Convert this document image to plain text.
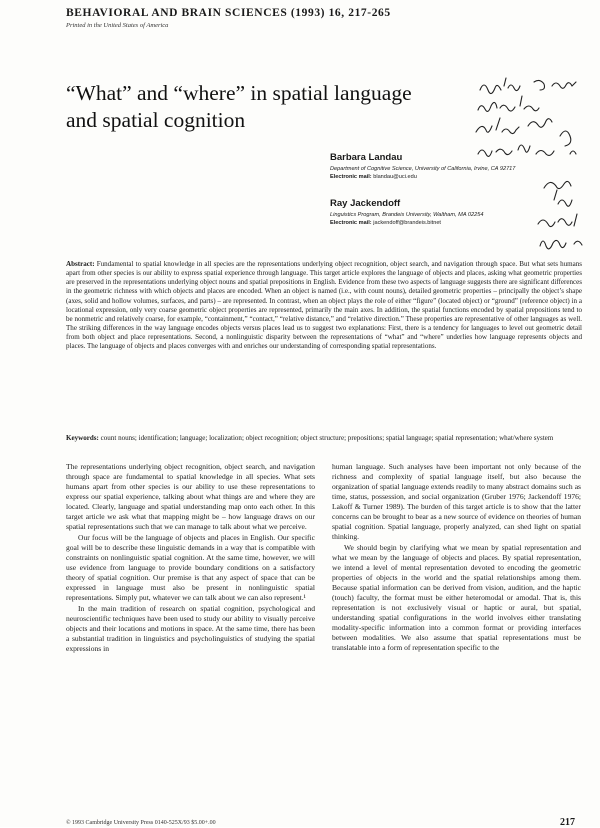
BEHAVIORAL AND BRAIN SCIENCES (1993) 16, 217-265
Printed in the United States of America
“What” and “where” in spatial language and spatial cognition
Barbara Landau
Department of Cognitive Science, University of California, Irvine, CA 92717
Electronic mail: blandau@uci.edu
Ray Jackendoff
Linguistics Program, Brandeis University, Waltham, MA 02254
Electronic mail: jackendoff@brandeis.bitnet
Abstract: Fundamental to spatial knowledge in all species are the representations underlying object recognition, object search, and navigation through space. But what sets humans apart from other species is our ability to express spatial experience through language. This target article explores the language of objects and places, asking what geometric properties are preserved in the representations underlying object nouns and spatial prepositions in English. Evidence from these two aspects of language suggests there are significant differences in the geometric richness with which objects and places are encoded. When an object is named (i.e., with count nouns), detailed geometric properties – principally the object’s shape (axes, solid and hollow volumes, surfaces, and parts) – are represented. In contrast, when an object plays the role of either “figure” (located object) or “ground” (reference object) in a locational expression, only very coarse geometric object properties are represented, primarily the main axes. In addition, the spatial functions encoded by spatial prepositions tend to be nonmetric and relatively coarse, for example, “containment,” “contact,” “relative distance,” and “relative direction.” These properties are representative of other languages as well. The striking differences in the way language encodes objects versus places lead us to suggest two explanations: First, there is a tendency for languages to level out geometric detail from both object and place representations. Second, a nonlinguistic disparity between the representations of “what” and “where” underlies how language represents objects and places. The language of objects and places converges with and enriches our understanding of corresponding spatial representations.
Keywords: count nouns; identification; language; localization; object recognition; object structure; prepositions; spatial language; spatial representation; what/where system

The representations underlying object recognition, object search, and navigation through space are fundamental to spatial knowledge in all species. What sets humans apart from other species is our ability to use these representations to express our spatial experience, talking about what things are and where they are located. Clearly, language and spatial understanding map onto each other. In this target article we ask what that mapping might be – how language draws on our spatial representations such that we can manage to talk about what we perceive.

Our focus will be the language of objects and places in English. Our specific goal will be to describe these linguistic demands in a way that is compatible with constraints on nonlinguistic spatial cognition. At the same time, however, we will use evidence from language to provide boundary conditions on a satisfactory theory of spatial cognition. Our premise is that any aspect of space that can be expressed in language must also be present in nonlinguistic spatial representations. Simply put, whatever we can talk about we can also represent.¹

In the main tradition of research on spatial cognition, psychological and neuroscientific techniques have been used to study our ability to visually perceive objects and their locations and motions in space. At the same time, there has been a substantial tradition in linguistics and psycholinguistics of studying the spatial expressions in

human language. Such analyses have been important not only because of the richness and complexity of spatial language itself, but also because the organization of spatial language extends readily to many abstract domains such as time, status, possession, and social organization (Gruber 1976; Jackendoff 1976; Lakoff & Turner 1989). The burden of this target article is to show that the latter concerns can be brought to bear as a new source of evidence on theories of human spatial cognition. Spatial language, properly analyzed, can shed light on spatial thinking.

We should begin by clarifying what we mean by spatial representation and what we mean by the language of objects and places. By spatial representation, we intend a level of mental representation devoted to encoding the geometric properties of objects in the world and the spatial relationships among them. Because spatial information can be derived from vision, audition, and the haptic (touch) faculty, the format must be either heteromodal or amodal. That is, this representation is not exclusively visual or haptic or aural, but spatial, understanding spatial configurations in the world involves either translating modality-specific information into a common format or providing interfaces between modalities. We also assume that spatial representations must be translatable into a form of representation specific to the

© 1993 Cambridge University Press 0140-525X/93 $5.00+.00	217
